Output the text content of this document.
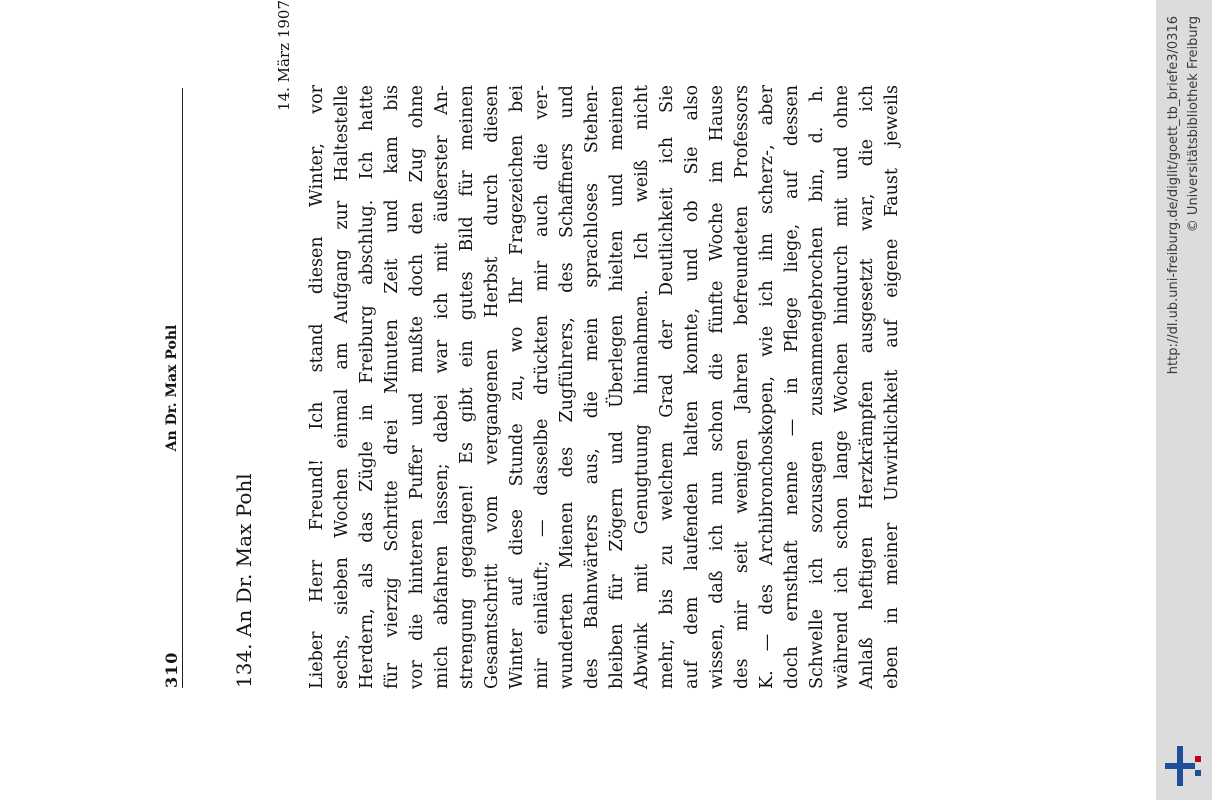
310
An Dr. Max Pohl
134. An Dr. Max Pohl
14. März 1907
Lieber Herr Freund! Ich stand diesen Winter, vor sechs, sieben Wochen einmal am Aufgang zur Haltestelle Herdern, als das Zügle in Freiburg abschlug. Ich hatte für vierzig Schritte drei Minuten Zeit und kam bis vor die hinteren Puffer und mußte doch den Zug ohne mich abfahren lassen; dabei war ich mit äußerster An- strengung gegangen! Es gibt ein gutes Bild für meinen Gesamtschritt vom vergangenen Herbst durch diesen Winter auf diese Stunde zu, wo Ihr Fragezeichen bei mir einläuft; — dasselbe drückten mir auch die ver- wunderten Mienen des Zugführers, des Schaffners und des Bahnwärters aus, die mein sprachloses Stehen- bleiben für Zögern und Überlegen hielten und meinen Abwink mit Genugtuung hinnahmen. Ich weiß nicht mehr, bis zu welchem Grad der Deutlichkeit ich Sie auf dem laufenden halten konnte, und ob Sie also wissen, daß ich nun schon die fünfte Woche im Hause des mir seit wenigen Jahren befreundeten Professors K. — des Archibronchoskopen, wie ich ihn scherz-, aber doch ernsthaft nenne — in Pflege liege, auf dessen Schwelle ich sozusagen zusammengebrochen bin, d. h. während ich schon lange Wochen hindurch mit und ohne Anlaß heftigen Herzkrämpfen ausgesetzt war, die ich eben in meiner Unwirklichkeit auf eigene Faust jeweils	http://dl.ub.uni-freiburg.de/diglit/goett_tb_briefe3/0316 © Universitätsbibliothek Freiburg
